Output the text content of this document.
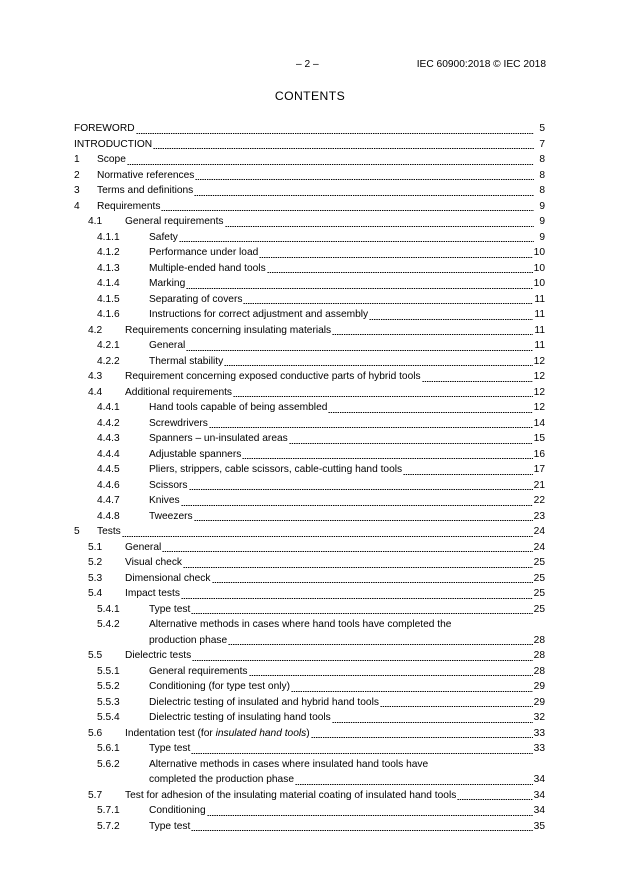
– 2 –	IEC 60900:2018 © IEC 2018
CONTENTS
FOREWORD	5
INTRODUCTION	7
1	Scope	8
2	Normative references	8
3	Terms and definitions	8
4	Requirements	9
4.1	General requirements	9
4.1.1	Safety	9
4.1.2	Performance under load	10
4.1.3	Multiple-ended hand tools	10
4.1.4	Marking	10
4.1.5	Separating of covers	11
4.1.6	Instructions for correct adjustment and assembly	11
4.2	Requirements concerning insulating materials	11
4.2.1	General	11
4.2.2	Thermal stability	12
4.3	Requirement concerning exposed conductive parts of hybrid tools	12
4.4	Additional requirements	12
4.4.1	Hand tools capable of being assembled	12
4.4.2	Screwdrivers	14
4.4.3	Spanners – un-insulated areas	15
4.4.4	Adjustable spanners	16
4.4.5	Pliers, strippers, cable scissors, cable-cutting hand tools	17
4.4.6	Scissors	21
4.4.7	Knives	22
4.4.8	Tweezers	23
5	Tests	24
5.1	General	24
5.2	Visual check	25
5.3	Dimensional check	25
5.4	Impact tests	25
5.4.1	Type test	25
5.4.2	Alternative methods in cases where hand tools have completed the
production phase	28
5.5	Dielectric tests	28
5.5.1	General requirements	28
5.5.2	Conditioning (for type test only)	29
5.5.3	Dielectric testing of insulated and hybrid hand tools	29
5.5.4	Dielectric testing of insulating hand tools	32
5.6	Indentation test (for insulated hand tools)	33
5.6.1	Type test	33
5.6.2	Alternative methods in cases where insulated hand tools have
completed the production phase	34
5.7	Test for adhesion of the insulating material coating of insulated hand tools	34
5.7.1	Conditioning	34
5.7.2	Type test	35
